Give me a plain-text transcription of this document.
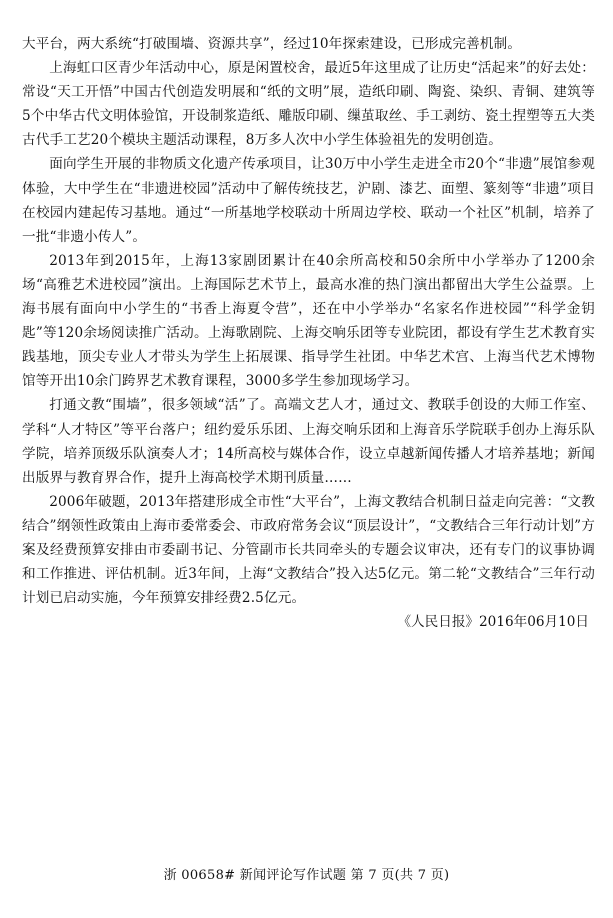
大平台，两大系统“打破围墙、资源共享”，经过10年探索建设，已形成完善机制。

上海虹口区青少年活动中心，原是闲置校舍，最近5年这里成了让历史“活起来”的好去处：常设“天工开悟”中国古代创造发明展和“纸的文明”展，造纸印刷、陶瓷、染织、青铜、建筑等5个中华古代文明体验馆，开设制浆造纸、雕版印刷、缫茧取丝、手工剥纺、瓷土捏塑等五大类古代手工艺20个模块主题活动课程，8万多人次中小学生体验祖先的发明创造。

面向学生开展的非物质文化遗产传承项目，让30万中小学生走进全市20个“非遗”展馆参观体验，大中学生在“非遗进校园”活动中了解传统技艺，沪剧、漆艺、面塑、篆刻等“非遗”项目在校园内建起传习基地。通过“一所基地学校联动十所周边学校、联动一个社区”机制，培养了一批“非遗小传人”。

2013年到2015年，上海13家剧团累计在40余所高校和50余所中小学举办了1200余场“高雅艺术进校园”演出。上海国际艺术节上，最高水准的热门演出都留出大学生公益票。上海书展有面向中小学生的“书香上海夏令营”，还在中小学举办“名家名作进校园”“科学金钥匙”等120余场阅读推广活动。上海歌剧院、上海交响乐团等专业院团，都设有学生艺术教育实践基地，顶尖专业人才带头为学生上拓展课、指导学生社团。中华艺术宫、上海当代艺术博物馆等开出10余门跨界艺术教育课程，3000多学生参加现场学习。

打通文教“围墙”，很多领域“活”了。高端文艺人才，通过文、教联手创设的大师工作室、学科“人才特区”等平台落户；纽约爱乐乐团、上海交响乐团和上海音乐学院联手创办上海乐队学院，培养顶级乐队演奏人才；14所高校与媒体合作，设立卓越新闻传播人才培养基地；新闻出版界与教育界合作，提升上海高校学术期刊质量……

2006年破题，2013年搭建形成全市性“大平台”，上海文教结合机制日益走向完善：“文教结合”纲领性政策由上海市委常委会、市政府常务会议“顶层设计”，“文教结合三年行动计划”方案及经费预算安排由市委副书记、分管副市长共同牵头的专题会议审决，还有专门的议事协调和工作推进、评估机制。近3年间，上海“文教结合”投入达5亿元。第二轮“文教结合”三年行动计划已启动实施，今年预算安排经费2.5亿元。

《人民日报》2016年06月10日

浙 00658# 新闻评论写作试题 第 7 页(共 7 页)
